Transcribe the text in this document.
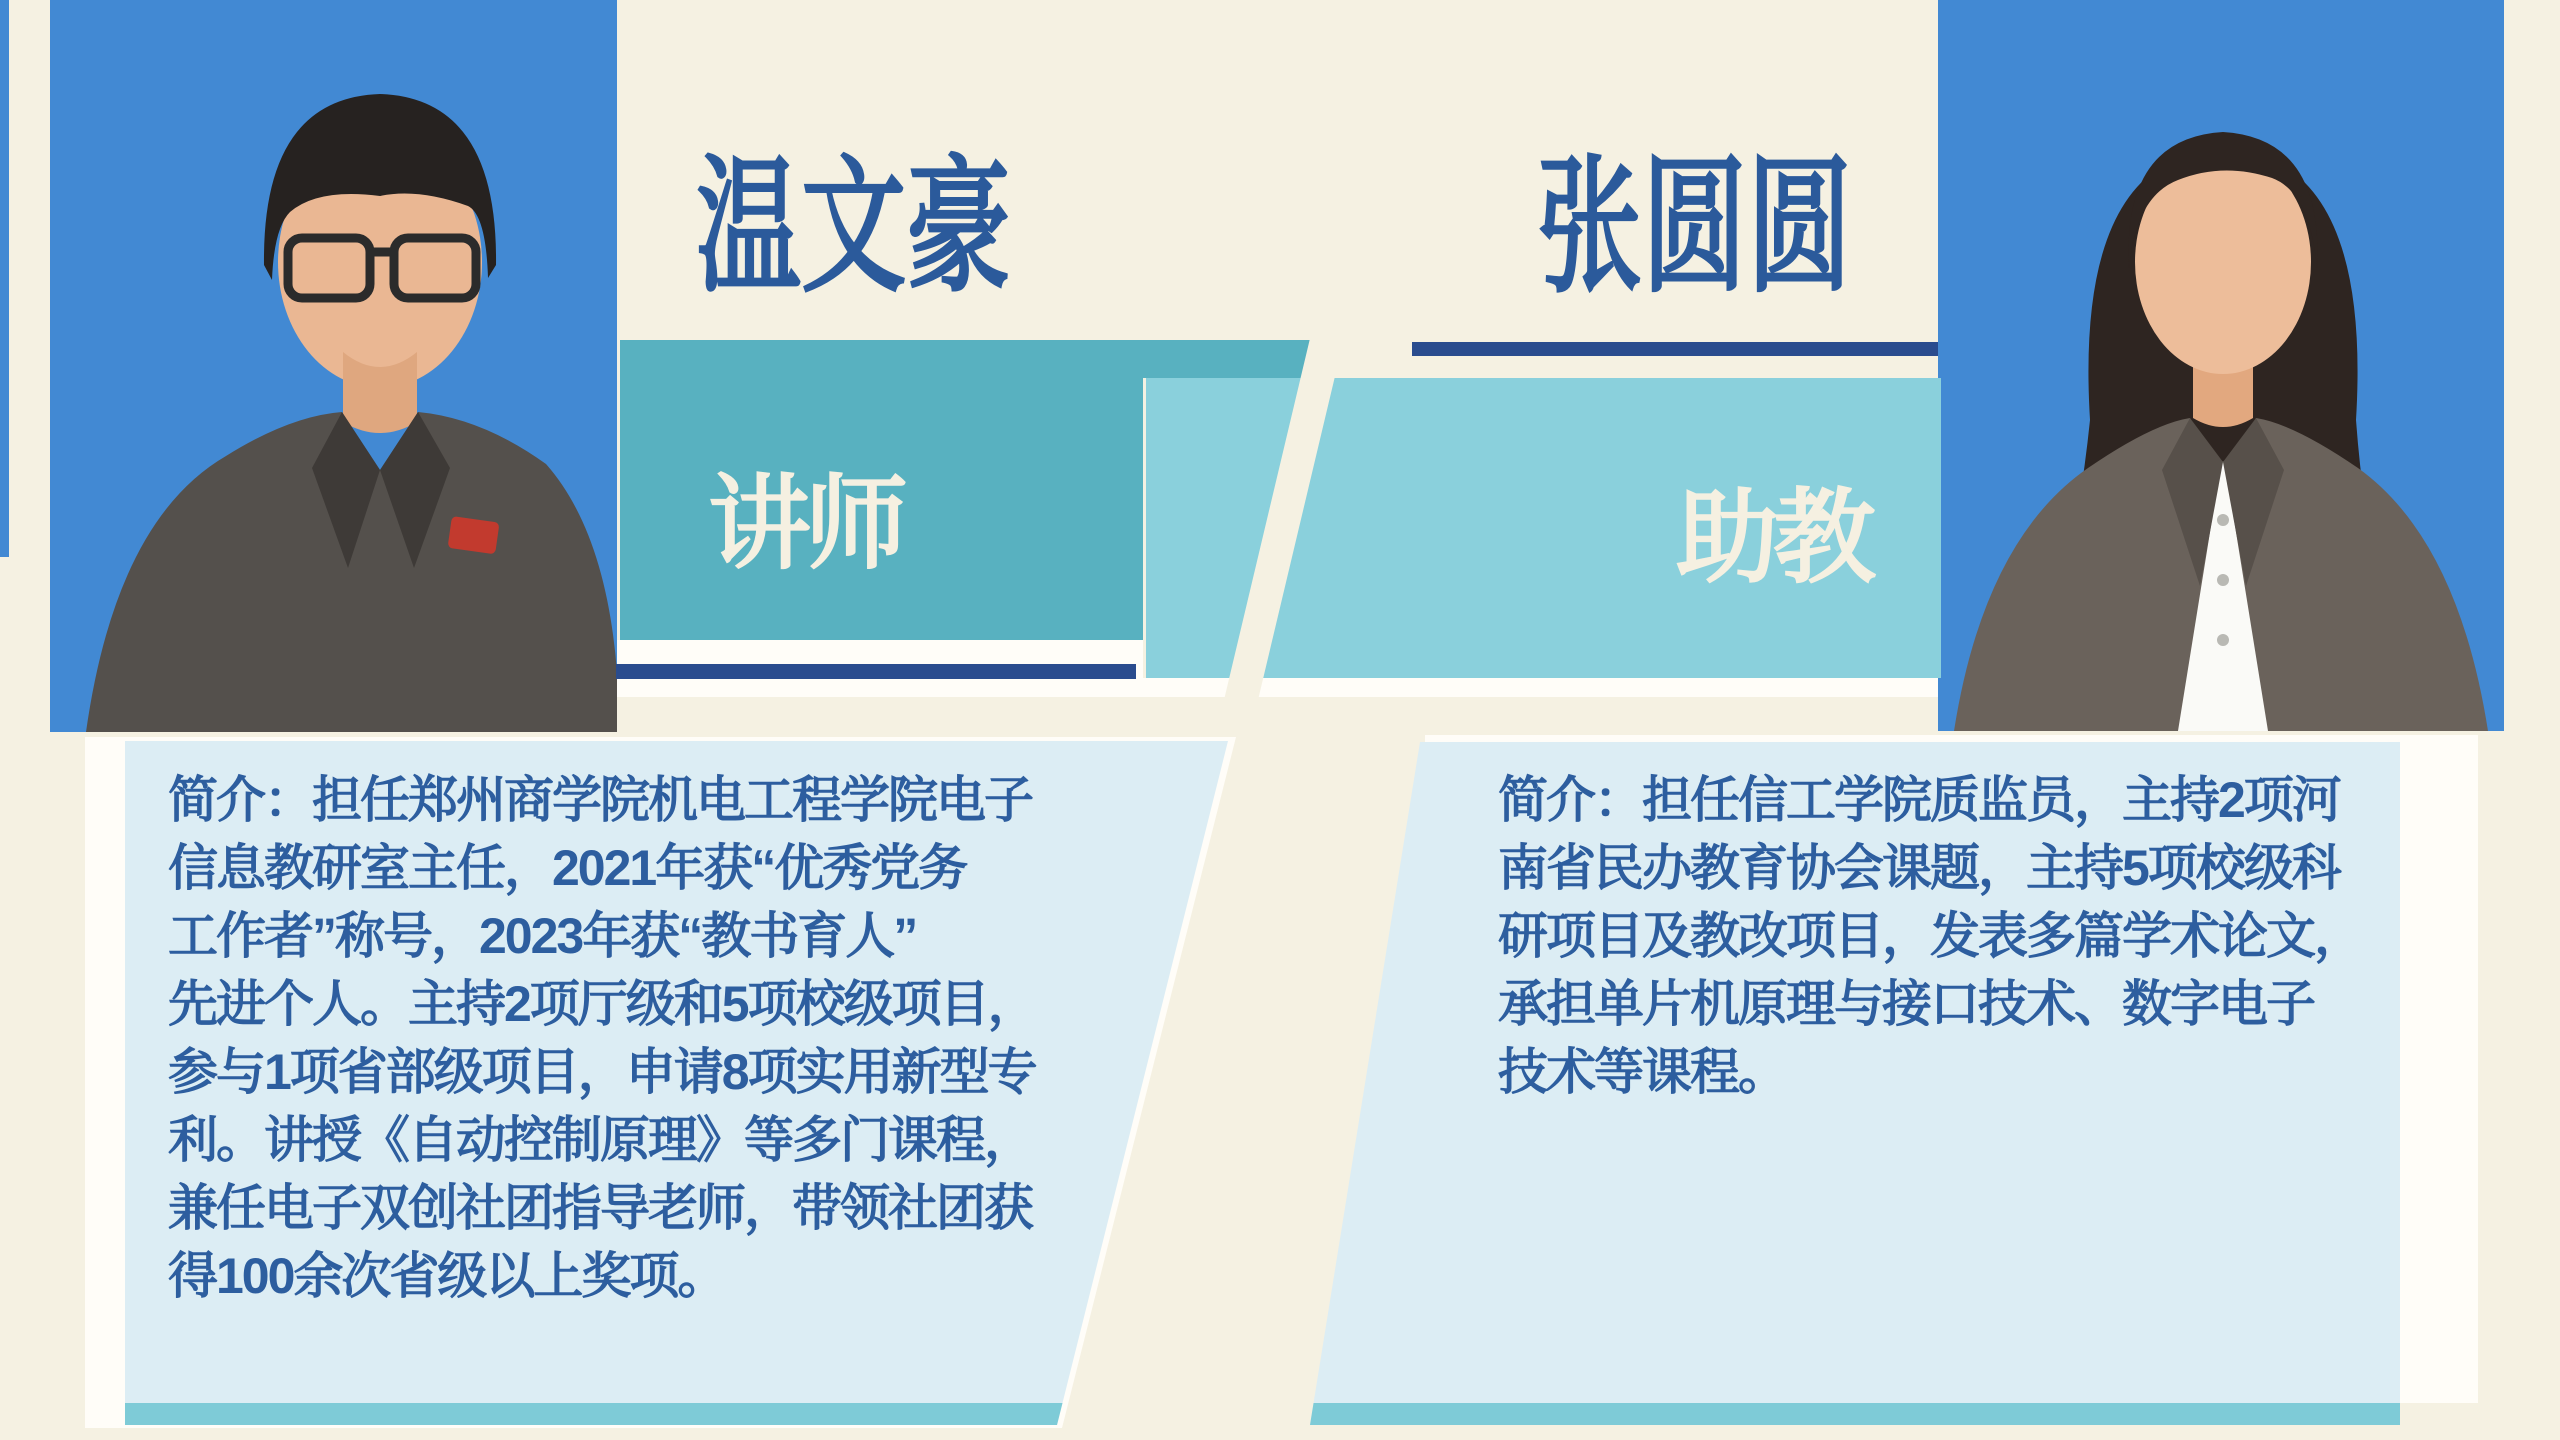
温文豪	张圆圆
讲师	助教
简介：担任郑州商学院机电工程学院电子
信息教研室主任，2021年获“优秀党务
工作者”称号，2023年获“教书育人”
先进个人。主持2项厅级和5项校级项目，
参与1项省部级项目，申请8项实用新型专
利。讲授《自动控制原理》等多门课程，
兼任电子双创社团指导老师，带领社团获
得100余次省级以上奖项。
简介：担任信工学院质监员，主持2项河
南省民办教育协会课题，主持5项校级科
研项目及教改项目，发表多篇学术论文，
承担单片机原理与接口技术、数字电子
技术等课程。
